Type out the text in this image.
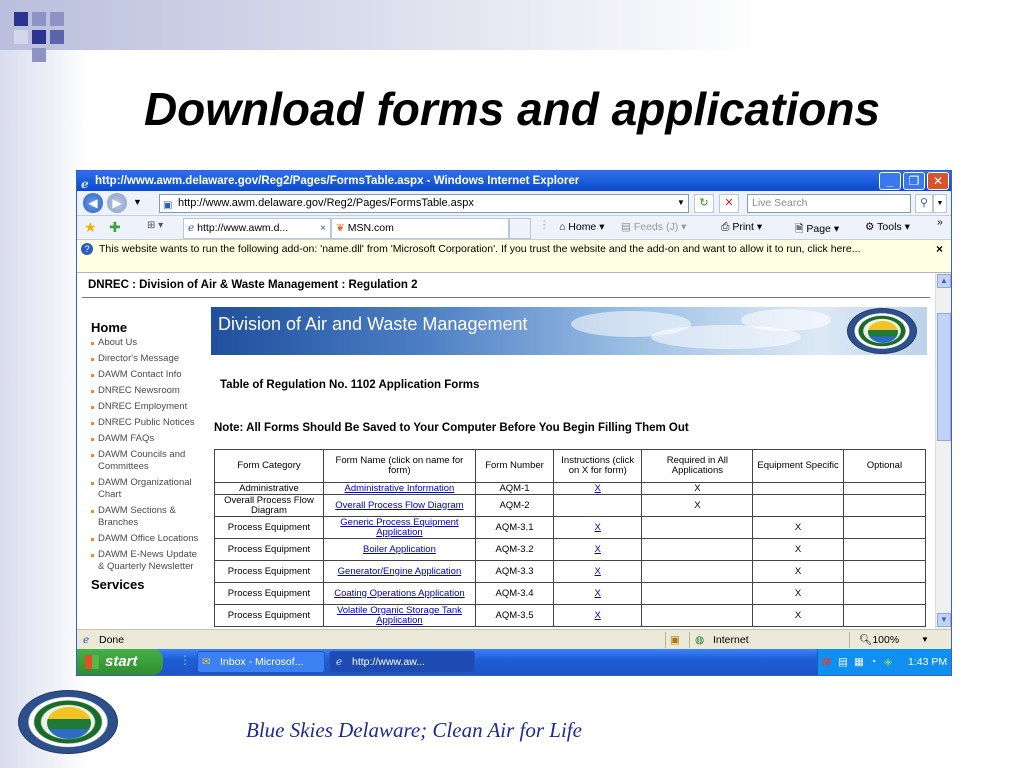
Download forms and applications
ℯ http://www.awm.delaware.gov/Reg2/Pages/FormsTable.aspx - Windows Internet Explorer	_	❐	✕
◀	▶	▼ ▣ http://www.awm.delaware.gov/Reg2/Pages/FormsTable.aspx	▼	↻	✕	Live Search	⚲	▼
★ ✚	⊞ ▾	ℯ http://www.awm.d...	× ❦ MSN.com	⋮ ⌂ Home ▾ ▤ Feeds (J) ▾	⎙ Print ▾	🗎 Page ▾ ⚙ Tools ▾	»
? This website wants to run the following add-on: 'name.dll' from 'Microsoft Corporation'. If you trust the website and the add-on and want to allow it to run, click here...	×
DNREC : Division of Air & Waste Management : Regulation 2
Home
About Us
Director's Message
DAWM Contact Info
DNREC Newsroom
DNREC Employment
DNREC Public Notices
DAWM FAQs
DAWM Councils and Committees
DAWM Organizational Chart
DAWM Sections & Branches
DAWM Office Locations
DAWM E-News Update & Quarterly Newsletter
Services
Division of Air and Waste Management
Table of Regulation No. 1102 Application Forms
Note: All Forms Should Be Saved to Your Computer Before You Begin Filling Them Out
Form Category	Form Name (click on name for form)	Form Number	Instructions (click on X for form)	Required in All Applications	Equipment Specific	Optional
Administrative	Administrative Information	AQM-1	X	X		
Overall Process Flow Diagram	Overall Process Flow Diagram	AQM-2		X		
Process Equipment	Generic Process Equipment Application	AQM-3.1	X		X	
Process Equipment	Boiler Application	AQM-3.2	X		X	
Process Equipment	Generator/Engine Application	AQM-3.3	X		X	
Process Equipment	Coating Operations Application	AQM-3.4	X		X	
Process Equipment	Volatile Organic Storage Tank Application	AQM-3.5	X		X	
▲
▼
ℯ Done	▣ ◍ Internet	🔍︎100%	▼
start	⋮ ✉ Inbox - Microsof...	ℯ http://www.aw...	M ▤ ▦ ◔ ◈ 1:43 PM
Blue Skies Delaware; Clean Air for Life
